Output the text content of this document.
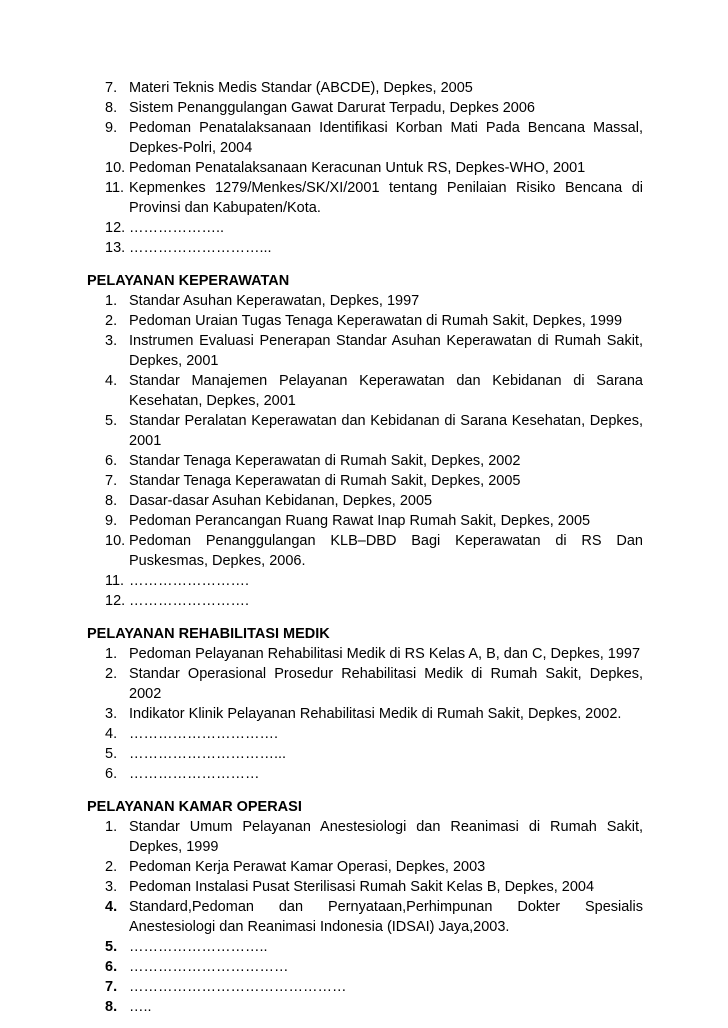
7. Materi Teknis Medis Standar (ABCDE), Depkes, 2005
8. Sistem Penanggulangan Gawat Darurat Terpadu, Depkes 2006
9. Pedoman Penatalaksanaan Identifikasi Korban Mati Pada Bencana Massal, Depkes-Polri, 2004
10. Pedoman Penatalaksanaan Keracunan Untuk RS, Depkes-WHO, 2001
11. Kepmenkes 1279/Menkes/SK/XI/2001 tentang Penilaian Risiko Bencana di Provinsi dan Kabupaten/Kota.
12. ………………..
13. ………………………...

PELAYANAN KEPERAWATAN

1. Standar Asuhan Keperawatan, Depkes, 1997
2. Pedoman Uraian Tugas Tenaga Keperawatan di Rumah Sakit, Depkes, 1999
3. Instrumen Evaluasi Penerapan Standar Asuhan Keperawatan di Rumah Sakit, Depkes, 2001
4. Standar Manajemen Pelayanan Keperawatan dan Kebidanan di Sarana Kesehatan, Depkes, 2001
5. Standar Peralatan Keperawatan dan Kebidanan di Sarana Kesehatan, Depkes, 2001
6. Standar Tenaga Keperawatan di Rumah Sakit, Depkes, 2002
7. Standar Tenaga Keperawatan di Rumah Sakit, Depkes, 2005
8. Dasar-dasar Asuhan Kebidanan, Depkes, 2005
9. Pedoman Perancangan Ruang Rawat Inap Rumah Sakit, Depkes, 2005
10. Pedoman Penanggulangan KLB–DBD Bagi Keperawatan di RS Dan Puskesmas, Depkes, 2006.
11. …………………….
12. …………………….

PELAYANAN REHABILITASI MEDIK

1. Pedoman Pelayanan Rehabilitasi Medik di RS Kelas A, B, dan C, Depkes, 1997
2. Standar Operasional Prosedur Rehabilitasi Medik di Rumah Sakit, Depkes, 2002
3. Indikator Klinik Pelayanan Rehabilitasi Medik di Rumah Sakit, Depkes, 2002.
4. ………………………….
5. …………………………...
6. ………………………

PELAYANAN KAMAR OPERASI

1. Standar Umum Pelayanan Anestesiologi dan Reanimasi di Rumah Sakit, Depkes, 1999
2. Pedoman Kerja Perawat Kamar Operasi, Depkes, 2003
3. Pedoman Instalasi Pusat Sterilisasi Rumah Sakit Kelas B, Depkes, 2004
4. Standard,Pedoman dan Pernyataan,Perhimpunan Dokter Spesialis Anestesiologi dan Reanimasi Indonesia (IDSAI) Jaya,2003.
5. ………………………..
6. ……………………………
7. ………………………………………
8. …..
